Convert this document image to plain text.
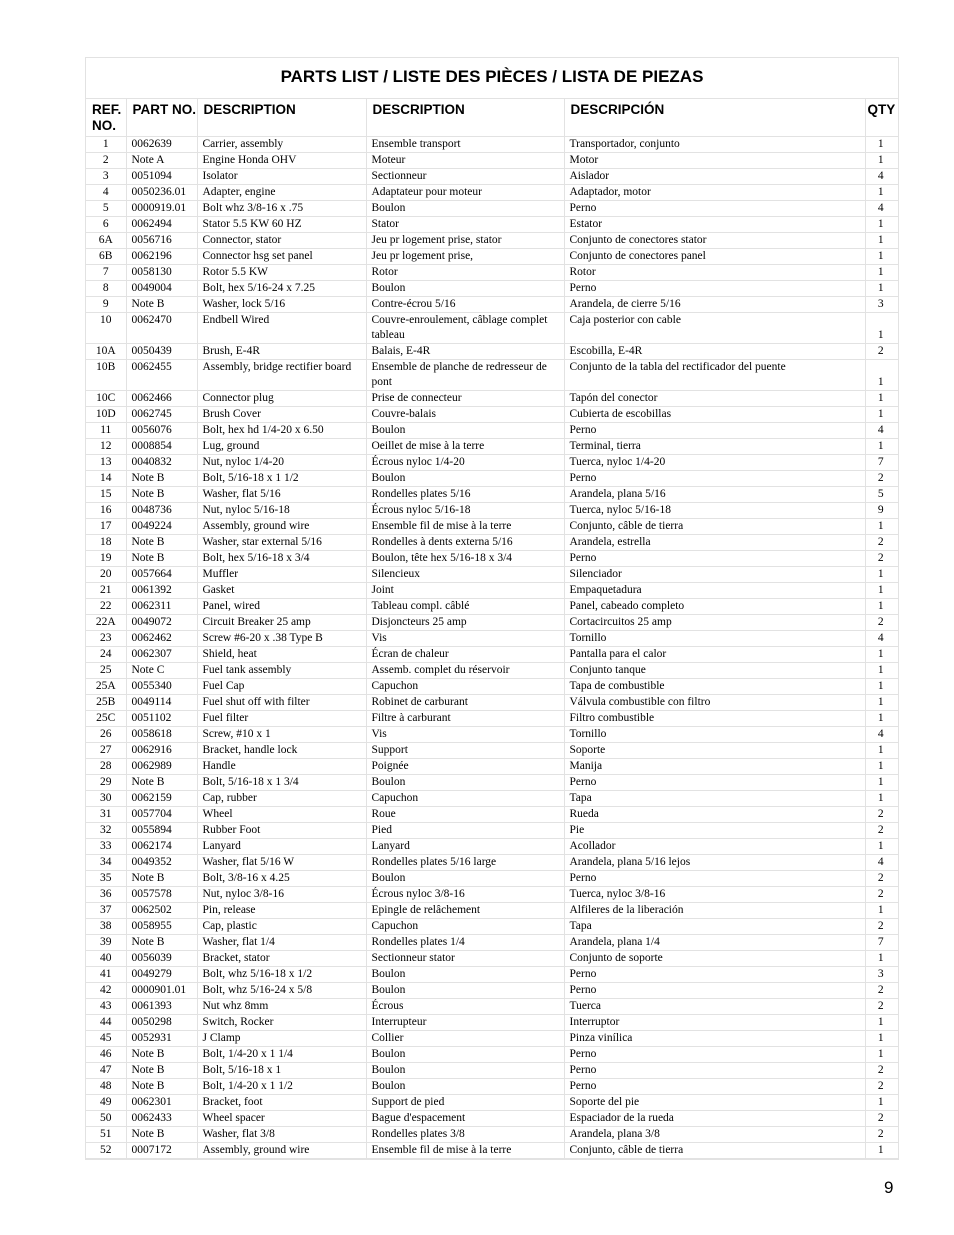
PARTS LIST / LISTE DES PIÈCES / LISTA DE PIEZAS
REF. NO.	PART NO.	DESCRIPTION	DESCRIPTION	DESCRIPCIÓN	QTY
1	0062639	Carrier, assembly	Ensemble transport	Transportador, conjunto	1
2	Note A	Engine Honda OHV	Moteur	Motor	1
3	0051094	Isolator	Sectionneur	Aislador	4
4	0050236.01	Adapter, engine	Adaptateur pour moteur	Adaptador, motor	1
5	0000919.01	Bolt whz 3/8-16 x .75	Boulon	Perno	4
6	0062494	Stator 5.5 KW 60 HZ	Stator	Estator	1
6A	0056716	Connector, stator	Jeu pr logement prise, stator	Conjunto de conectores stator	1
6B	0062196	Connector hsg set panel	Jeu pr logement prise,	Conjunto de conectores panel	1
7	0058130	Rotor 5.5 KW	Rotor	Rotor	1
8	0049004	Bolt, hex 5/16-24 x 7.25	Boulon	Perno	1
9	Note B	Washer, lock 5/16	Contre-écrou 5/16	Arandela, de cierre 5/16	3
10	0062470	Endbell Wired	Couvre-enroulement, câblage complet tableau	Caja posterior con cable	1
10A	0050439	Brush, E-4R	Balais, E-4R	Escobilla, E-4R	2
10B	0062455	Assembly, bridge rectifier board	Ensemble de planche de redresseur de pont	Conjunto de la tabla del rectificador del puente	1
10C	0062466	Connector plug	Prise de connecteur	Tapón del conector	1
10D	0062745	Brush Cover	Couvre-balais	Cubierta de escobillas	1
11	0056076	Bolt, hex hd 1/4-20 x 6.50	Boulon	Perno	4
12	0008854	Lug, ground	Oeillet de mise à la terre	Terminal, tierra	1
13	0040832	Nut, nyloc 1/4-20	Écrous nyloc 1/4-20	Tuerca, nyloc 1/4-20	7
14	Note B	Bolt, 5/16-18 x 1 1/2	Boulon	Perno	2
15	Note B	Washer, flat 5/16	Rondelles plates 5/16	Arandela, plana 5/16	5
16	0048736	Nut, nyloc 5/16-18	Écrous nyloc 5/16-18	Tuerca, nyloc 5/16-18	9
17	0049224	Assembly, ground wire	Ensemble fil de mise à la terre	Conjunto, câble de tierra	1
18	Note B	Washer, star external 5/16	Rondelles à dents externa 5/16	Arandela, estrella	2
19	Note B	Bolt, hex 5/16-18 x 3/4	Boulon, tête hex 5/16-18 x 3/4	Perno	2
20	0057664	Muffler	Silencieux	Silenciador	1
21	0061392	Gasket	Joint	Empaquetadura	1
22	0062311	Panel, wired	Tableau compl. câblé	Panel, cabeado completo	1
22A	0049072	Circuit Breaker 25 amp	Disjoncteurs 25 amp	Cortacircuitos 25 amp	2
23	0062462	Screw #6-20 x .38 Type B	Vis	Tornillo	4
24	0062307	Shield, heat	Écran de chaleur	Pantalla para el calor	1
25	Note C	Fuel tank assembly	Assemb. complet du réservoir	Conjunto tanque	1
25A	0055340	Fuel Cap	Capuchon	Tapa de combustible	1
25B	0049114	Fuel shut off with filter	Robinet de carburant	Válvula combustible con filtro	1
25C	0051102	Fuel filter	Filtre à carburant	Filtro combustible	1
26	0058618	Screw, #10 x 1	Vis	Tornillo	4
27	0062916	Bracket, handle lock	Support	Soporte	1
28	0062989	Handle	Poignée	Manija	1
29	Note B	Bolt, 5/16-18 x 1 3/4	Boulon	Perno	1
30	0062159	Cap, rubber	Capuchon	Tapa	1
31	0057704	Wheel	Roue	Rueda	2
32	0055894	Rubber Foot	Pied	Pie	2
33	0062174	Lanyard	Lanyard	Acollador	1
34	0049352	Washer, flat 5/16 W	Rondelles plates 5/16 large	Arandela, plana 5/16 lejos	4
35	Note B	Bolt, 3/8-16 x 4.25	Boulon	Perno	2
36	0057578	Nut, nyloc 3/8-16	Écrous nyloc 3/8-16	Tuerca, nyloc 3/8-16	2
37	0062502	Pin, release	Epingle de relâchement	Alfileres de la liberación	1
38	0058955	Cap, plastic	Capuchon	Tapa	2
39	Note B	Washer, flat 1/4	Rondelles plates 1/4	Arandela, plana 1/4	7
40	0056039	Bracket, stator	Sectionneur stator	Conjunto de soporte	1
41	0049279	Bolt, whz 5/16-18 x 1/2	Boulon	Perno	3
42	0000901.01	Bolt, whz 5/16-24 x 5/8	Boulon	Perno	2
43	0061393	Nut whz 8mm	Écrous	Tuerca	2
44	0050298	Switch, Rocker	Interrupteur	Interruptor	1
45	0052931	J Clamp	Collier	Pinza vinílica	1
46	Note B	Bolt, 1/4-20 x 1 1/4	Boulon	Perno	1
47	Note B	Bolt, 5/16-18 x 1	Boulon	Perno	2
48	Note B	Bolt, 1/4-20 x 1 1/2	Boulon	Perno	2
49	0062301	Bracket, foot	Support de pied	Soporte del pie	1
50	0062433	Wheel spacer	Bague d'espacement	Espaciador de la rueda	2
51	Note B	Washer, flat 3/8	Rondelles plates 3/8	Arandela, plana 3/8	2
52	0007172	Assembly, ground wire	Ensemble fil de mise à la terre	Conjunto, câble de tierra	1
9
